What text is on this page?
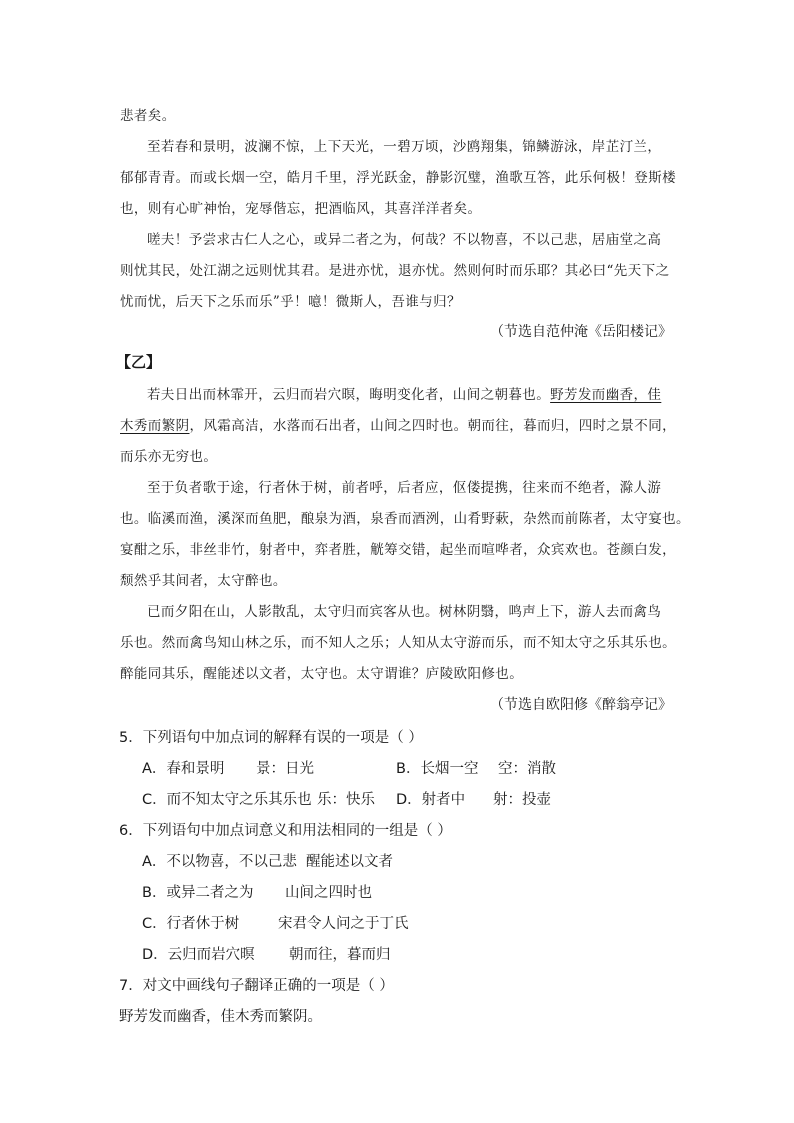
悲者矣。
至若春和景明，波澜不惊，上下天光，一碧万顷，沙鸥翔集，锦鳞游泳，岸芷汀兰，
郁郁青青。而或长烟一空，皓月千里，浮光跃金，静影沉璧，渔歌互答，此乐何极！登斯楼
也，则有心旷神怡，宠辱偕忘，把酒临风，其喜洋洋者矣。
嗟夫！予尝求古仁人之心，或异二者之为，何哉？不以物喜，不以己悲，居庙堂之高
则忧其民，处江湖之远则忧其君。是进亦忧，退亦忧。然则何时而乐耶？其必曰“先天下之
忧而忧，后天下之乐而乐”乎！噫！微斯人，吾谁与归？
（节选自范仲淹《岳阳楼记》
【乙】
若夫日出而林霏开，云归而岩穴暝，晦明变化者，山间之朝暮也。野芳发而幽香，佳
木秀而繁阴，风霜高洁，水落而石出者，山间之四时也。朝而往，暮而归，四时之景不同，
而乐亦无穷也。
至于负者歌于途，行者休于树，前者呼，后者应，伛偻提携，往来而不绝者，滁人游
也。临溪而渔，溪深而鱼肥，酿泉为酒，泉香而酒洌，山肴野蔌，杂然而前陈者，太守宴也。
宴酣之乐，非丝非竹，射者中，弈者胜，觥筹交错，起坐而喧哗者，众宾欢也。苍颜白发，
颓然乎其间者，太守醉也。
已而夕阳在山，人影散乱，太守归而宾客从也。树林阴翳，鸣声上下，游人去而禽鸟
乐也。然而禽鸟知山林之乐，而不知人之乐；人知从太守游而乐，而不知太守之乐其乐也。
醉能同其乐，醒能述以文者，太守也。太守谓谁？庐陵欧阳修也。
（节选自欧阳修《醉翁亭记》
5．下列语句中加点词的解释有误的一项是（ ）
A．春和景明 景：日光	B．长烟一空 空：消散
C．而不知太守之乐其乐也 乐：快乐 D．射者中 射：投壶
6．下列语句中加点词意义和用法相同的一组是（ ）
A．不以物喜，不以己悲 醒能述以文者
B．或异二者之为 山间之四时也
C．行者休于树	宋君令人问之于丁氏
D．云归而岩穴暝 朝而往，暮而归
7．对文中画线句子翻译正确的一项是（ ）
野芳发而幽香，佳木秀而繁阴。
